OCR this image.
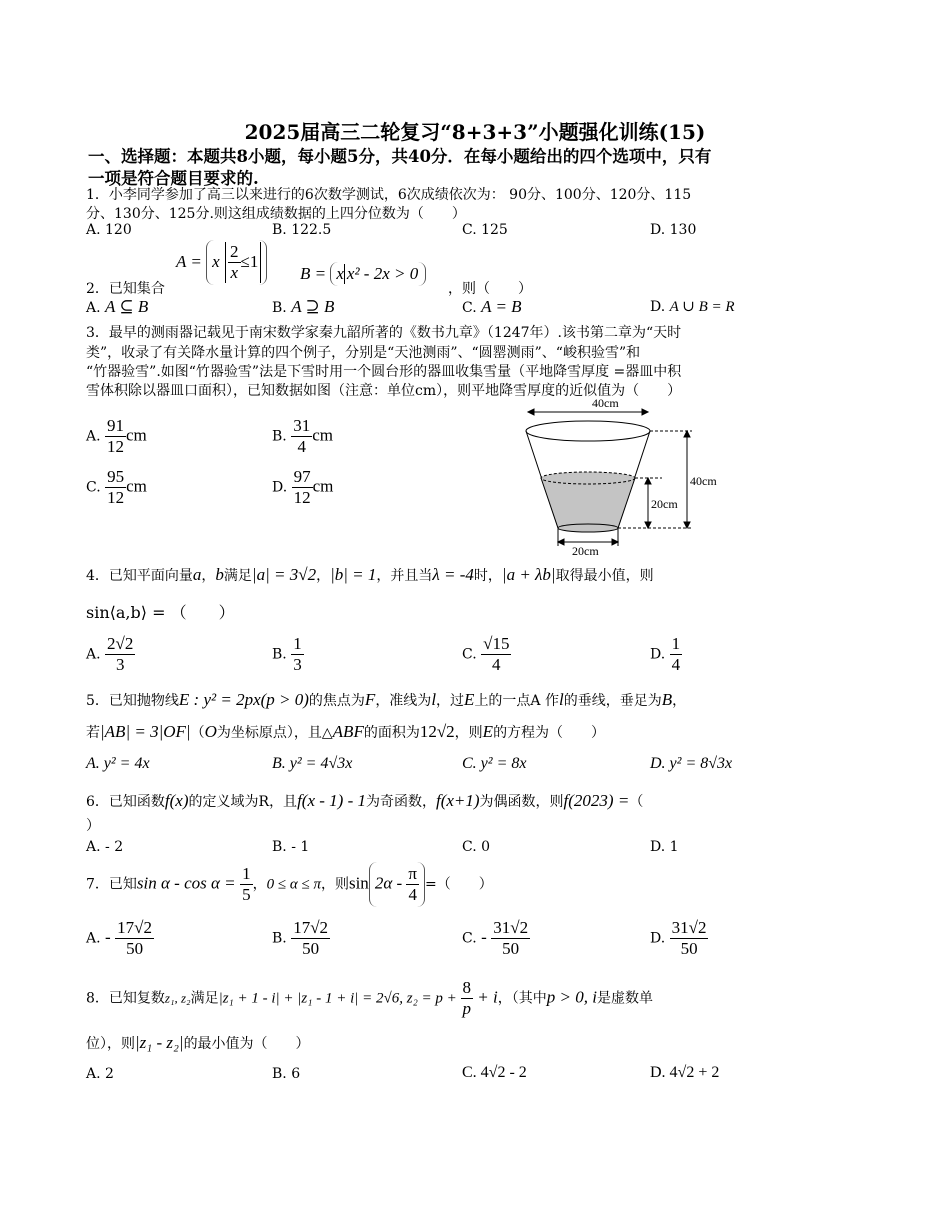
2025届高三二轮复习“8+3+3”小题强化训练(15)
一、选择题：本题共8小题，每小题5分，共40分．在每小题给出的四个选项中，只有
一项是符合题目要求的.
1．小李同学参加了高三以来进行的6次数学测试，6次成绩依次为： 90分、100分、120分、115
分、130分、125分.则这组成绩数据的上四分位数为（　　）
A. 120	B. 122.5	C. 125	D. 130
2．已知集合
A = x $\frac{2}{x} \le 1$
B = x x² - 2x > 0
，则（　　）
A. A ⊆ B	B. A ⊇ B	C. A = B	D. A ∪ B = R
3．最早的测雨器记载见于南宋数学家秦九韶所著的《数书九章》（1247年）.该书第二章为“天时
类”，收录了有关降水量计算的四个例子，分别是“天池测雨”、“圆罂测雨”、“峻积验雪”和
“竹器验雪”.如图“竹器验雪”法是下雪时用一个圆台形的器皿收集雪量（平地降雪厚度 =器皿中积
雪体积除以器皿口面积），已知数据如图（注意：单位cm），则平地降雪厚度的近似值为（　　）
A. $\frac{91}{12}$ cm	B. $\frac{31}{4}$ cm
C. $\frac{95}{12}$ cm	D. $\frac{97}{12}$ cm
40cm
40cm
20cm
20cm
4．已知平面向量a，b满足|a| = 3√2，|b| = 1，并且当λ = -4时，|a + λb|取得最小值，则
sin⟨a,b⟩ = （　　）
A. $\frac{2√2}{3}$	B. $\frac{1}{3}$	C. $\frac{√15}{4}$	D. $\frac{1}{4}$
5．已知抛物线E : y² = 2px(p > 0)的焦点为F，准线为l，过E上的一点A 作l的垂线，垂足为B，
若|AB| = 3|OF|（O为坐标原点），且△ABF的面积为12√2，则E的方程为（　　）
A. y² = 4x	B. y² = 4√3x	C. y² = 8x	D. y² = 8√3x
6．已知函数f(x)的定义域为R，且f(x - 1) - 1为奇函数，f(x+1)为偶函数，则f(2023) =（
）
A. - 2	B. - 1	C. 0	D. 1
7．已知$\sin \alpha - \cos \alpha = \frac{1}{5}$ ，0 ≤ α ≤ π，则$\sin 2\alpha - \frac{\pi}{4}$ =（　　）
A. - $\frac{17√2}{50}$	B. $\frac{17√2}{50}$	C. - $\frac{31√2}{50}$	D. $\frac{31√2}{50}$
8．已知复数z₁, z₂满足|z₁ + 1 - i| + |z₁ - 1 + i| = 2√6, $z_2 = p + \frac{8}{p} + i$，（其中p > 0, i是虚数单
位），则|z₁ - z₂|的最小值为（　　）
A. 2	B. 6	C. 4√2 - 2	D. 4√2 + 2
